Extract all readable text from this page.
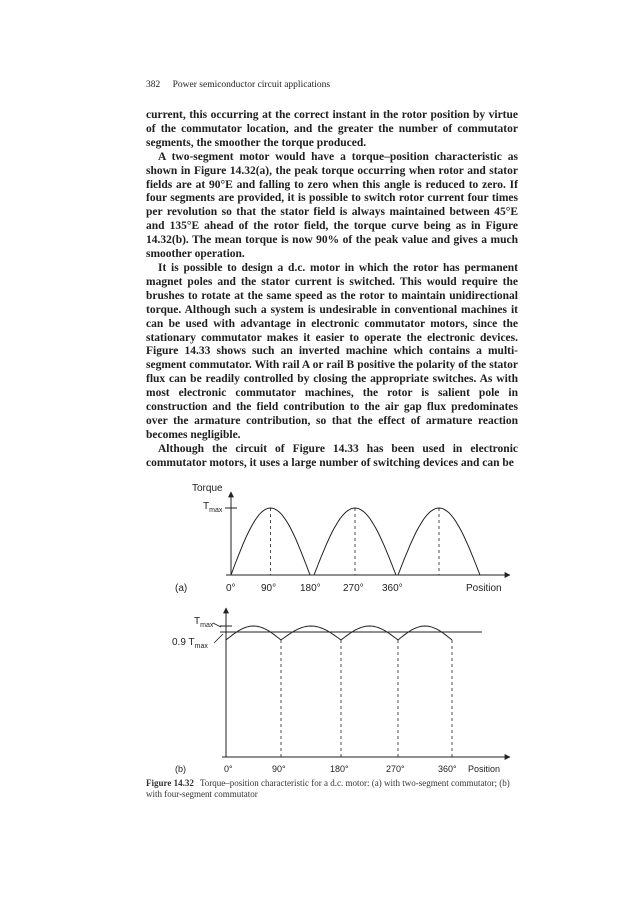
382 Power semiconductor circuit applications

current, this occurring at the correct instant in the rotor position by virtue of the commutator location, and the greater the number of commutator segments, the smoother the torque produced.

A two-segment motor would have a torque–position characteristic as shown in Figure 14.32(a), the peak torque occurring when rotor and stator fields are at 90°E and falling to zero when this angle is reduced to zero. If four segments are provided, it is possible to switch rotor current four times per revolution so that the stator field is always maintained between 45°E and 135°E ahead of the rotor field, the torque curve being as in Figure 14.32(b). The mean torque is now 90% of the peak value and gives a much smoother operation.

It is possible to design a d.c. motor in which the rotor has permanent magnet poles and the stator current is switched. This would require the brushes to rotate at the same speed as the rotor to maintain unidirectional torque. Although such a system is undesirable in conventional machines it can be used with advantage in electronic commutator motors, since the stationary commutator makes it easier to operate the electronic devices. Figure 14.33 shows such an inverted machine which contains a multi-segment commutator. With rail A or rail B positive the polarity of the stator flux can be readily controlled by closing the appropriate switches. As with most electronic commutator machines, the rotor is salient pole in construction and the field contribution to the air gap flux predominates over the armature contribution, so that the effect of armature reaction becomes negligible.

Although the circuit of Figure 14.33 has been used in electronic commutator motors, it uses a large number of switching devices and can be

Torque
$T_{max}$
(a)	0°	90° 180° 270° 360°	Position
$T_{max}$
0.9 $T_{max}$
(b)	0°	90°	180°	270°	360° Position
Figure 14.32 Torque–position characteristic for a d.c. motor: (a) with two-segment commutator; (b) with four-segment commutator
